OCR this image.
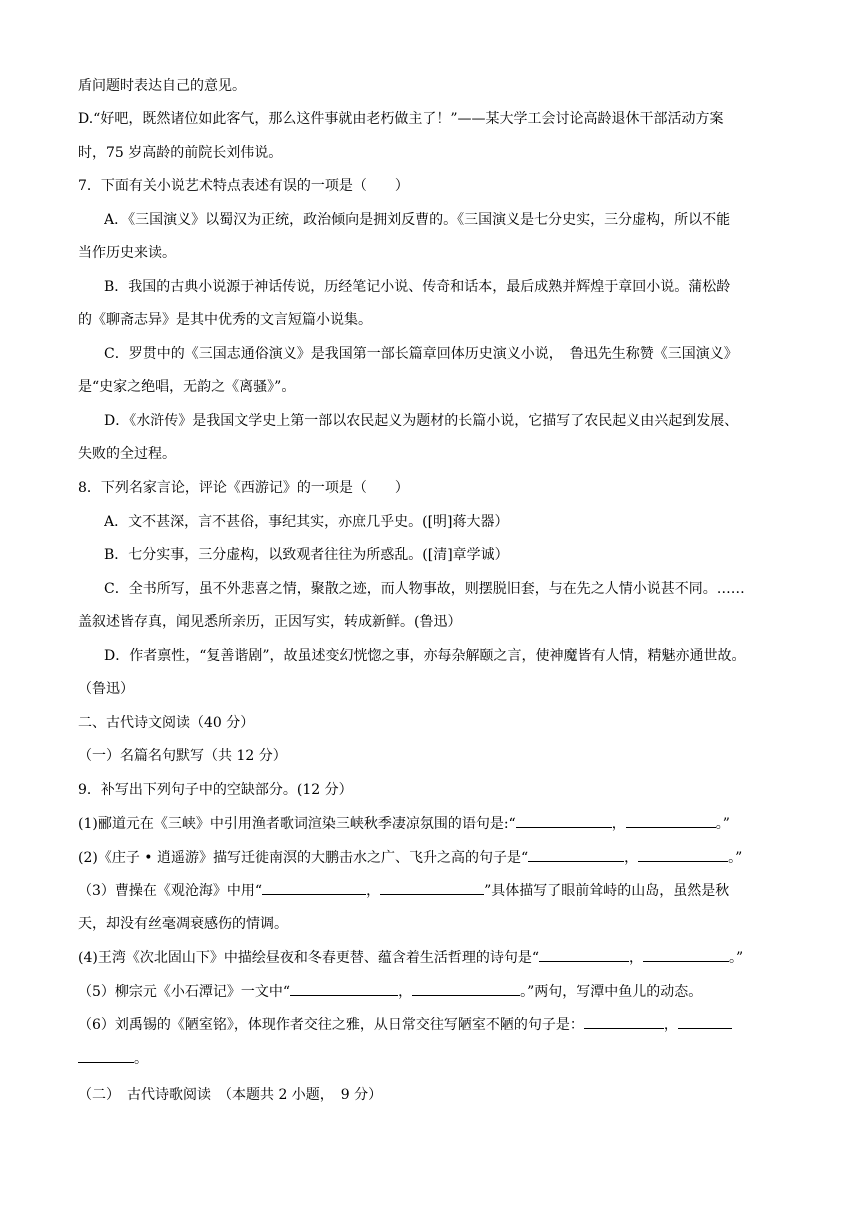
盾问题时表达自己的意见。
D.“好吧，既然诸位如此客气，那么这件事就由老朽做主了！”——某大学工会讨论高龄退休干部活动方案
时，75 岁高龄的前院长刘伟说。
7．下面有关小说艺术特点表述有误的一项是（　　）
A．《三国演义》以蜀汉为正统，政治倾向是拥刘反曹的。《三国演义是七分史实，三分虚构，所以不能
当作历史来读。
B．我国的古典小说源于神话传说，历经笔记小说、传奇和话本，最后成熟并辉煌于章回小说。蒲松龄
的《聊斋志异》是其中优秀的文言短篇小说集。
C．罗贯中的《三国志通俗演义》是我国第一部长篇章回体历史演义小说，　鲁迅先生称赞《三国演义》
是“史家之绝唱，无韵之《离骚》”。
D．《水浒传》是我国文学史上第一部以农民起义为题材的长篇小说，它描写了农民起义由兴起到发展、
失败的全过程。
8．下列名家言论，评论《西游记》的一项是（　　）
A．文不甚深，言不甚俗，事纪其实，亦庶几乎史。([明]蒋大器）
B．七分实事，三分虚构，以致观者往往为所惑乱。([清]章学诚）
C．全书所写，虽不外悲喜之情，聚散之迹，而人物事故，则摆脱旧套，与在先之人情小说甚不同。……
盖叙述皆存真，闻见悉所亲历，正因写实，转成新鲜。(鲁迅）
D．作者禀性，“复善谐剧”，故虽述变幻恍惚之事，亦每杂解颐之言，使神魔皆有人情，精魅亦通世故。
（鲁迅）
二、古代诗文阅读（40 分）
（一）名篇名句默写（共 12 分）
9．补写出下列句子中的空缺部分。(12 分）
(1)郦道元在《三峡》中引用渔者歌词渲染三峡秋季凄凉氛围的语句是:“	，	。”
(2)《庄子 • 逍遥游》描写迁徙南溟的大鹏击水之广、飞升之高的句子是“	，	。”
（3）曹操在《观沧海》中用“	，	”具体描写了眼前耸峙的山岛，虽然是秋
天，却没有丝毫凋衰感伤的情调。
(4)王湾《次北固山下》中描绘昼夜和冬春更替、蕴含着生活哲理的诗句是“	，	。”
（5）柳宗元《小石潭记》一文中“	，	。”两句，写潭中鱼儿的动态。
（6）刘禹锡的《陋室铭》，体现作者交往之雅，从日常交往写陋室不陋的句子是：	，
。
（二）　古代诗歌阅读　（本题共 2 小题，　9 分）
